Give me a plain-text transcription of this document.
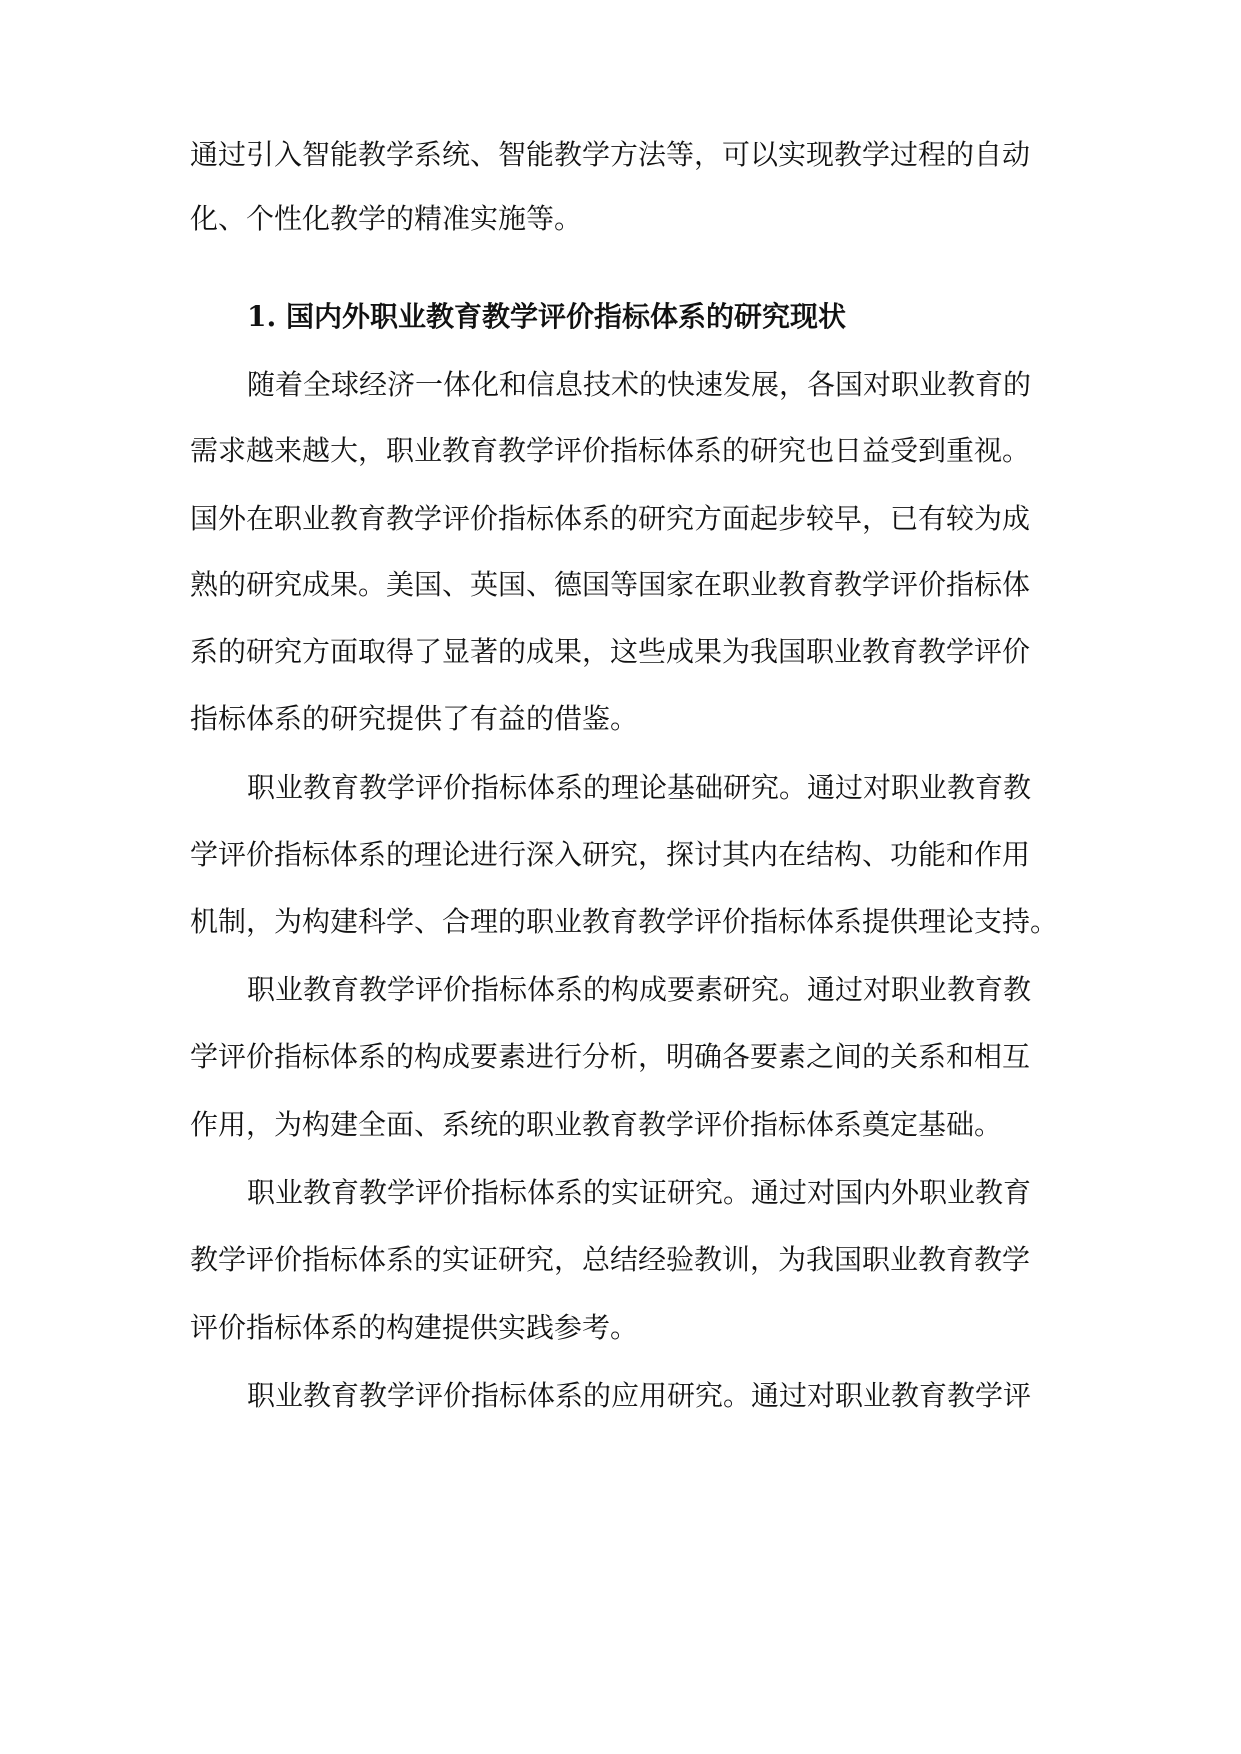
通过引入智能教学系统、智能教学方法等，可以实现教学过程的自动
化、个性化教学的精准实施等。
1. 国内外职业教育教学评价指标体系的研究现状
随着全球经济一体化和信息技术的快速发展，各国对职业教育的
需求越来越大，职业教育教学评价指标体系的研究也日益受到重视。
国外在职业教育教学评价指标体系的研究方面起步较早，已有较为成
熟的研究成果。美国、英国、德国等国家在职业教育教学评价指标体
系的研究方面取得了显著的成果，这些成果为我国职业教育教学评价
指标体系的研究提供了有益的借鉴。
职业教育教学评价指标体系的理论基础研究。通过对职业教育教
学评价指标体系的理论进行深入研究，探讨其内在结构、功能和作用
机制，为构建科学、合理的职业教育教学评价指标体系提供理论支持。
职业教育教学评价指标体系的构成要素研究。通过对职业教育教
学评价指标体系的构成要素进行分析，明确各要素之间的关系和相互
作用，为构建全面、系统的职业教育教学评价指标体系奠定基础。
职业教育教学评价指标体系的实证研究。通过对国内外职业教育
教学评价指标体系的实证研究，总结经验教训，为我国职业教育教学
评价指标体系的构建提供实践参考。
职业教育教学评价指标体系的应用研究。通过对职业教育教学评
